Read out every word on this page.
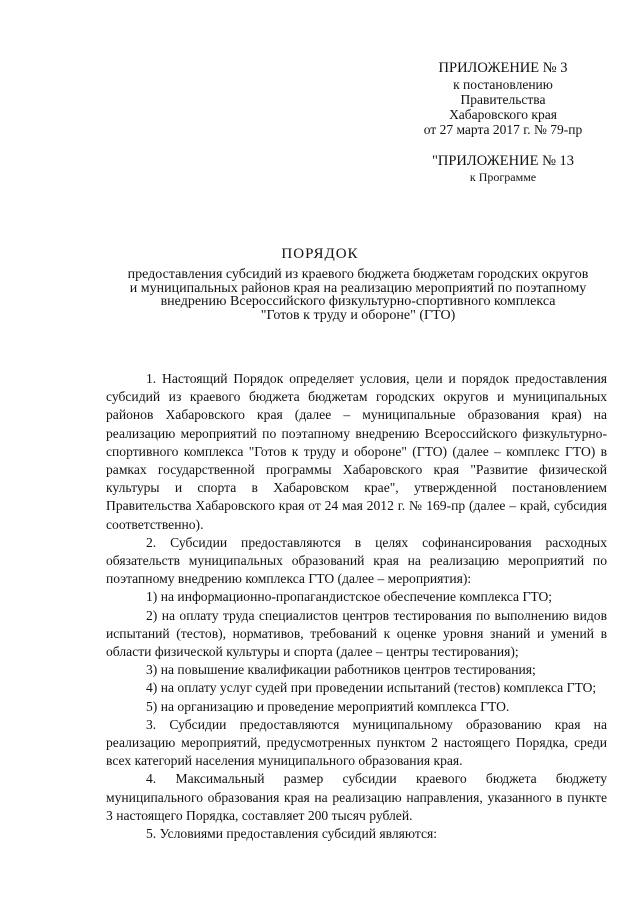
ПРИЛОЖЕНИЕ № 3
к постановлению
Правительства
Хабаровского края
от 27 марта 2017 г. № 79-пр
"ПРИЛОЖЕНИЕ № 13
к Программе
ПОРЯДОК
предоставления субсидий из краевого бюджета бюджетам городских округов
и муниципальных районов края на реализацию мероприятий по поэтапному
внедрению Всероссийского физкультурно-спортивного комплекса
"Готов к труду и обороне" (ГТО)

1. Настоящий Порядок определяет условия, цели и порядок предоставления субсидий из краевого бюджета бюджетам городских округов и муниципальных районов Хабаровского края (далее – муниципальные образования края) на реализацию мероприятий по поэтапному внедрению Всероссийского физкультурно-спортивного комплекса "Готов к труду и обороне" (ГТО) (далее – комплекс ГТО) в рамках государственной программы Хабаровского края "Развитие физической культуры и спорта в Хабаровском крае", утвержденной постановлением Правительства Хабаровского края от 24 мая 2012 г. № 169-пр (далее – край, субсидия соответственно).

2. Субсидии предоставляются в целях софинансирования расходных обязательств муниципальных образований края на реализацию мероприятий по поэтапному внедрению комплекса ГТО (далее – мероприятия):

1) на информационно-пропагандистское обеспечение комплекса ГТО;

2) на оплату труда специалистов центров тестирования по выполнению видов испытаний (тестов), нормативов, требований к оценке уровня знаний и умений в области физической культуры и спорта (далее – центры тестирования);

3) на повышение квалификации работников центров тестирования;

4) на оплату услуг судей при проведении испытаний (тестов) комплекса ГТО;

5) на организацию и проведение мероприятий комплекса ГТО.

3. Субсидии предоставляются муниципальному образованию края на реализацию мероприятий, предусмотренных пунктом 2 настоящего Порядка, среди всех категорий населения муниципального образования края.

4. Максимальный размер субсидии краевого бюджета бюджету муниципального образования края на реализацию направления, указанного в пункте 3 настоящего Порядка, составляет 200 тысяч рублей.

5. Условиями предоставления субсидий являются:
